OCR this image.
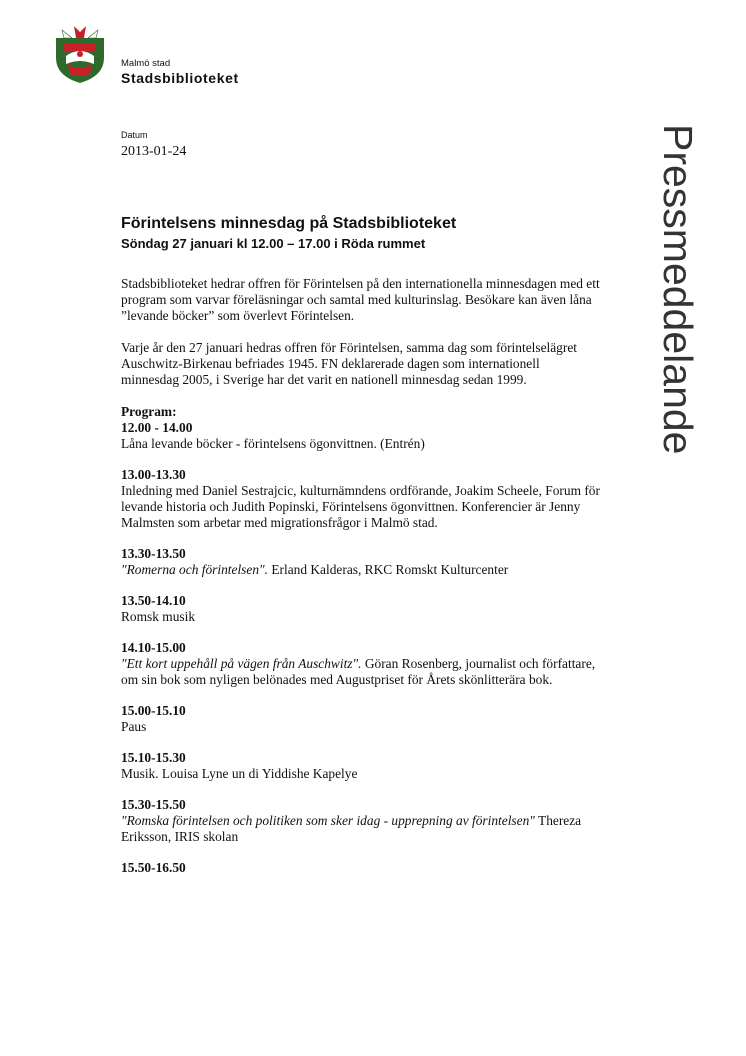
Malmö stad
Stadsbiblioteket
Pressmeddelande
Datum
2013-01-24
Förintelsens minnesdag på Stadsbiblioteket
Söndag 27 januari kl 12.00 – 17.00 i Röda rummet

Stadsbiblioteket hedrar offren för Förintelsen på den internationella minnesdagen med ett program som varvar föreläsningar och samtal med kulturinslag. Besökare kan även låna ”levande böcker” som överlevt Förintelsen.

Varje år den 27 januari hedras offren för Förintelsen, samma dag som förintelselägret Auschwitz-Birkenau befriades 1945. FN deklarerade dagen som internationell minnesdag 2005, i Sverige har det varit en nationell minnesdag sedan 1999.

Program:
12.00 - 14.00
Låna levande böcker - förintelsens ögonvittnen. (Entrén)
13.00-13.30
Inledning med Daniel Sestrajcic, kulturnämndens ordförande, Joakim Scheele, Forum för levande historia och Judith Popinski, Förintelsens ögonvittnen. Konferencier är Jenny Malmsten som arbetar med migrationsfrågor i Malmö stad.
13.30-13.50
"Romerna och förintelsen". Erland Kalderas, RKC Romskt Kulturcenter
13.50-14.10
Romsk musik
14.10-15.00
"Ett kort uppehåll på vägen från Auschwitz". Göran Rosenberg, journalist och författare, om sin bok som nyligen belönades med Augustpriset för Årets skönlitterära bok.
15.00-15.10
Paus
15.10-15.30
Musik. Louisa Lyne un di Yiddishe Kapelye
15.30-15.50
"Romska förintelsen och politiken som sker idag - upprepning av förintelsen" Thereza Eriksson, IRIS skolan
15.50-16.50
